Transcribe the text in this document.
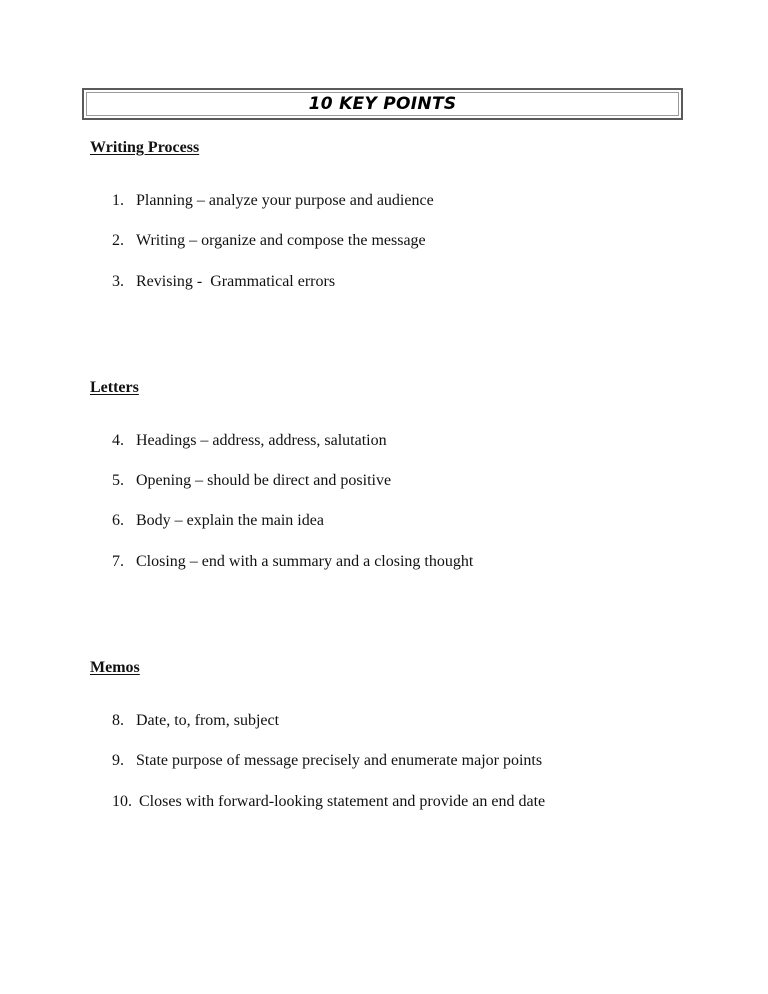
10 KEY POINTS
Writing Process
1. Planning – analyze your purpose and audience
2. Writing – organize and compose the message
3. Revising -  Grammatical errors
Letters
4. Headings – address, address, salutation
5. Opening – should be direct and positive
6. Body – explain the main idea
7. Closing – end with a summary and a closing thought
Memos
8. Date, to, from, subject
9. State purpose of message precisely and enumerate major points
10. Closes with forward-looking statement and provide an end date
